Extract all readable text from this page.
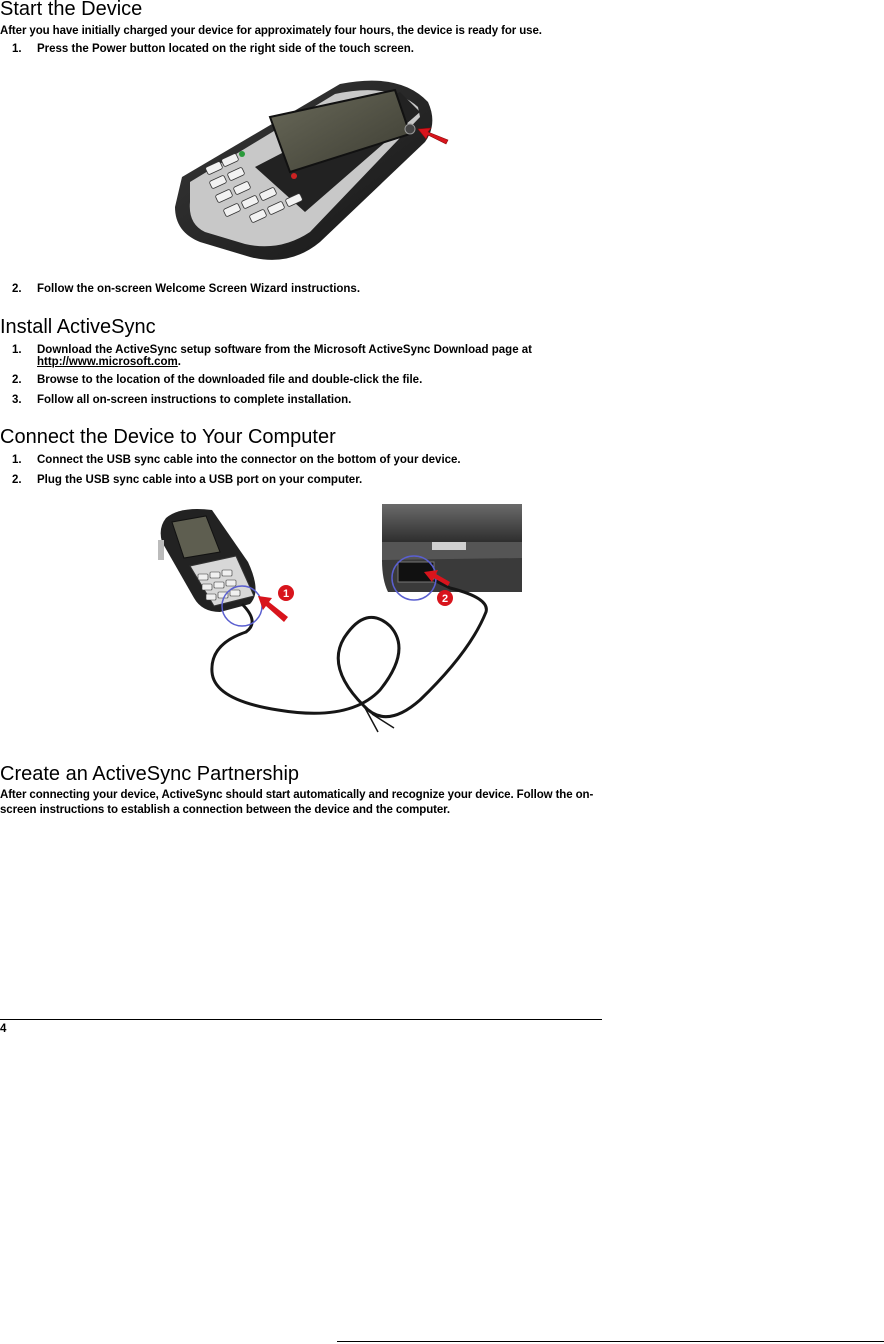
Start the Device

After you have initially charged your device for approximately four hours, the device is ready for use.

1.	Press the Power button located on the right side of the touch screen.
2.	Follow the on-screen Welcome Screen Wizard instructions.
Install ActiveSync
1.	Download the ActiveSync setup software from the Microsoft ActiveSync Download page at
http://www.microsoft.com.
2.	Browse to the location of the downloaded file and double-click the file.
3.	Follow all on-screen instructions to complete installation.
Connect the Device to Your Computer
1.	Connect the USB sync cable into the connector on the bottom of your device.
2.	Plug the USB sync cable into a USB port on your computer.
1	2
Create an ActiveSync Partnership

After connecting your device, ActiveSync should start automatically and recognize your device. Follow the on-

screen instructions to establish a connection between the device and the computer.

4
